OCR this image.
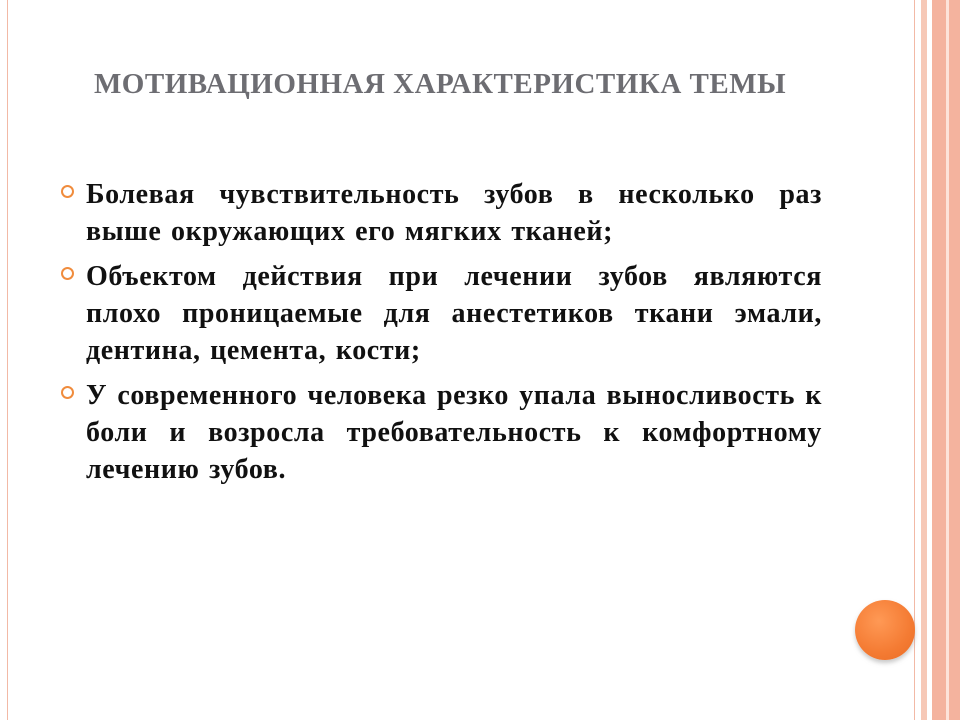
МОТИВАЦИОННАЯ ХАРАКТЕРИСТИКА ТЕМЫ
Болевая чувствительность зубов в несколько раз выше окружающих его мягких тканей;
Объектом действия при лечении зубов являются плохо проницаемые для анестетиков ткани эмали, дентина, цемента, кости;
У современного человека резко упала выносливость к боли и возросла требовательность к комфортному лечению зубов.
